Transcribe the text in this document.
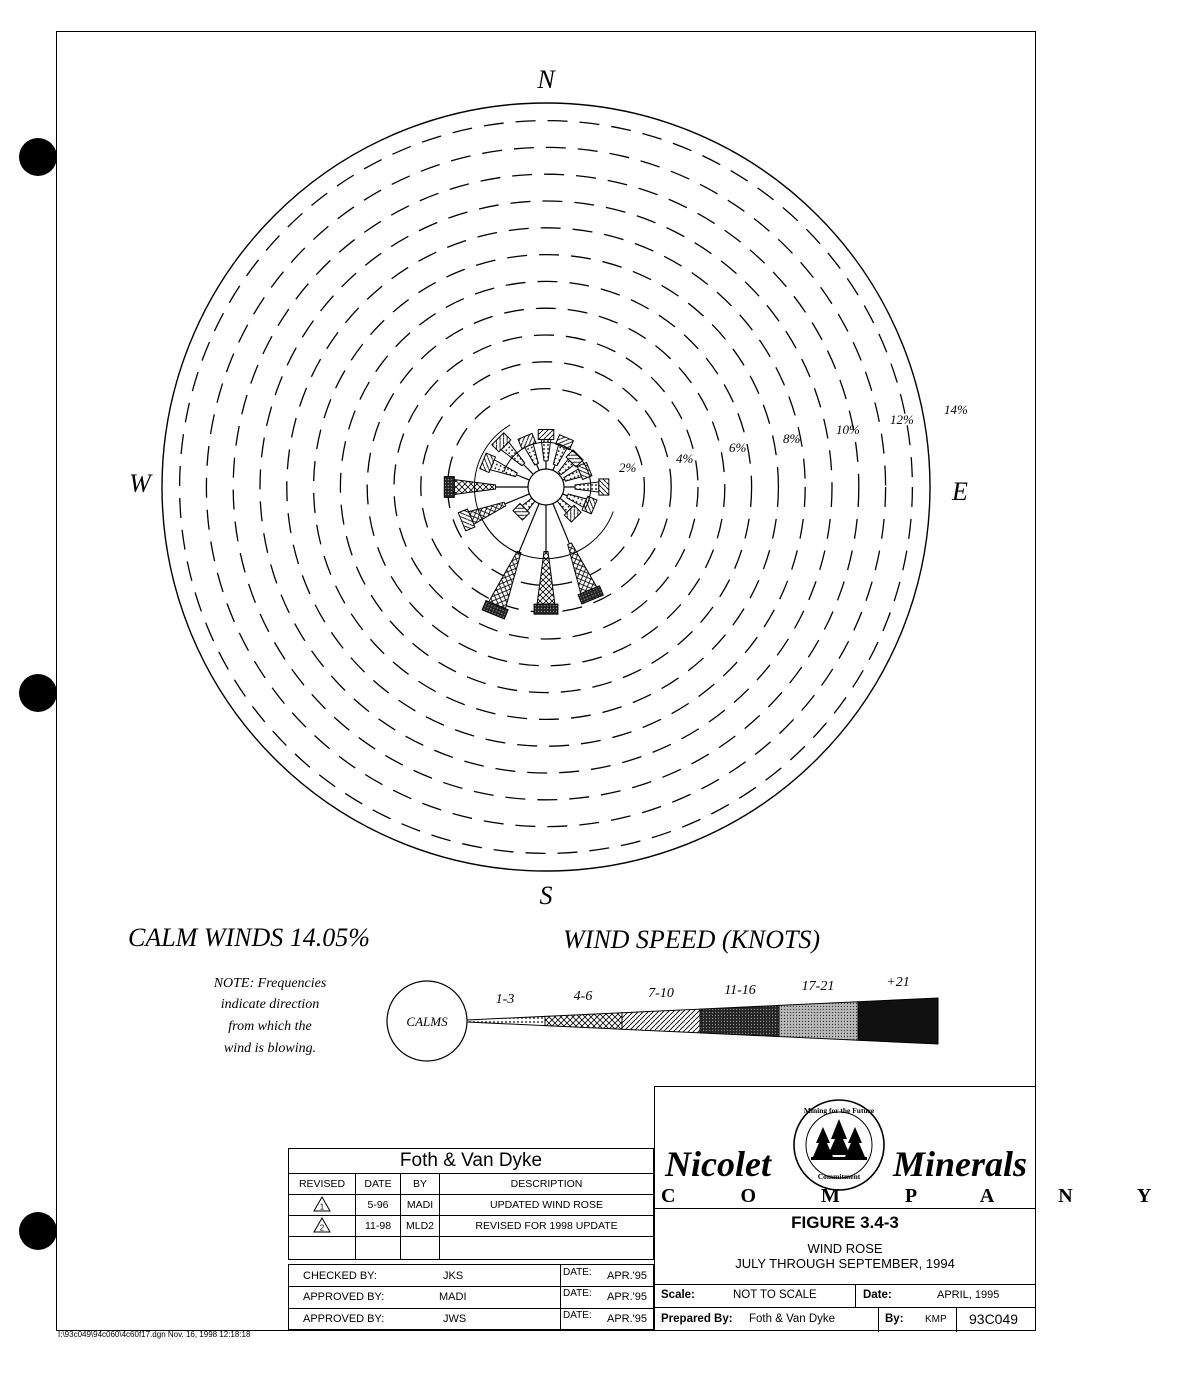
N
S
E
W
2%
4%
6%
8%
10%
12%
14%
CALM WINDS 14.05%	WIND SPEED (KNOTS)
NOTE: Frequencies
indicate direction
from which the
wind is blowing.
CALMS
1-3	4-6	7-10	11-16	17-21	+21
Foth & Van Dyke			
REVISED	DATE	BY	DESCRIPTION

1	5-96	MADI	UPDATED WIND ROSE

2	11-98	MLD2	REVISED FOR 1998 UPDATE

CHECKED BY:	JKS	DATE: APR.'95
APPROVED BY:	MADI	DATE: APR.'95
APPROVED BY:	JWS	DATE: APR.'95
Nicolet	Minerals
Mining for the Future
Commitment
C O M P A N Y
FIGURE 3.4-3
WIND ROSE
JULY THROUGH SEPTEMBER, 1994
Scale:	NOT TO SCALE	Date:	APRIL, 1995
Prepared By: Foth & Van Dyke	By: KMP 93C049
I:\93c049\94c060\4c60f17.dgn Nov. 16, 1998 12:18:18
